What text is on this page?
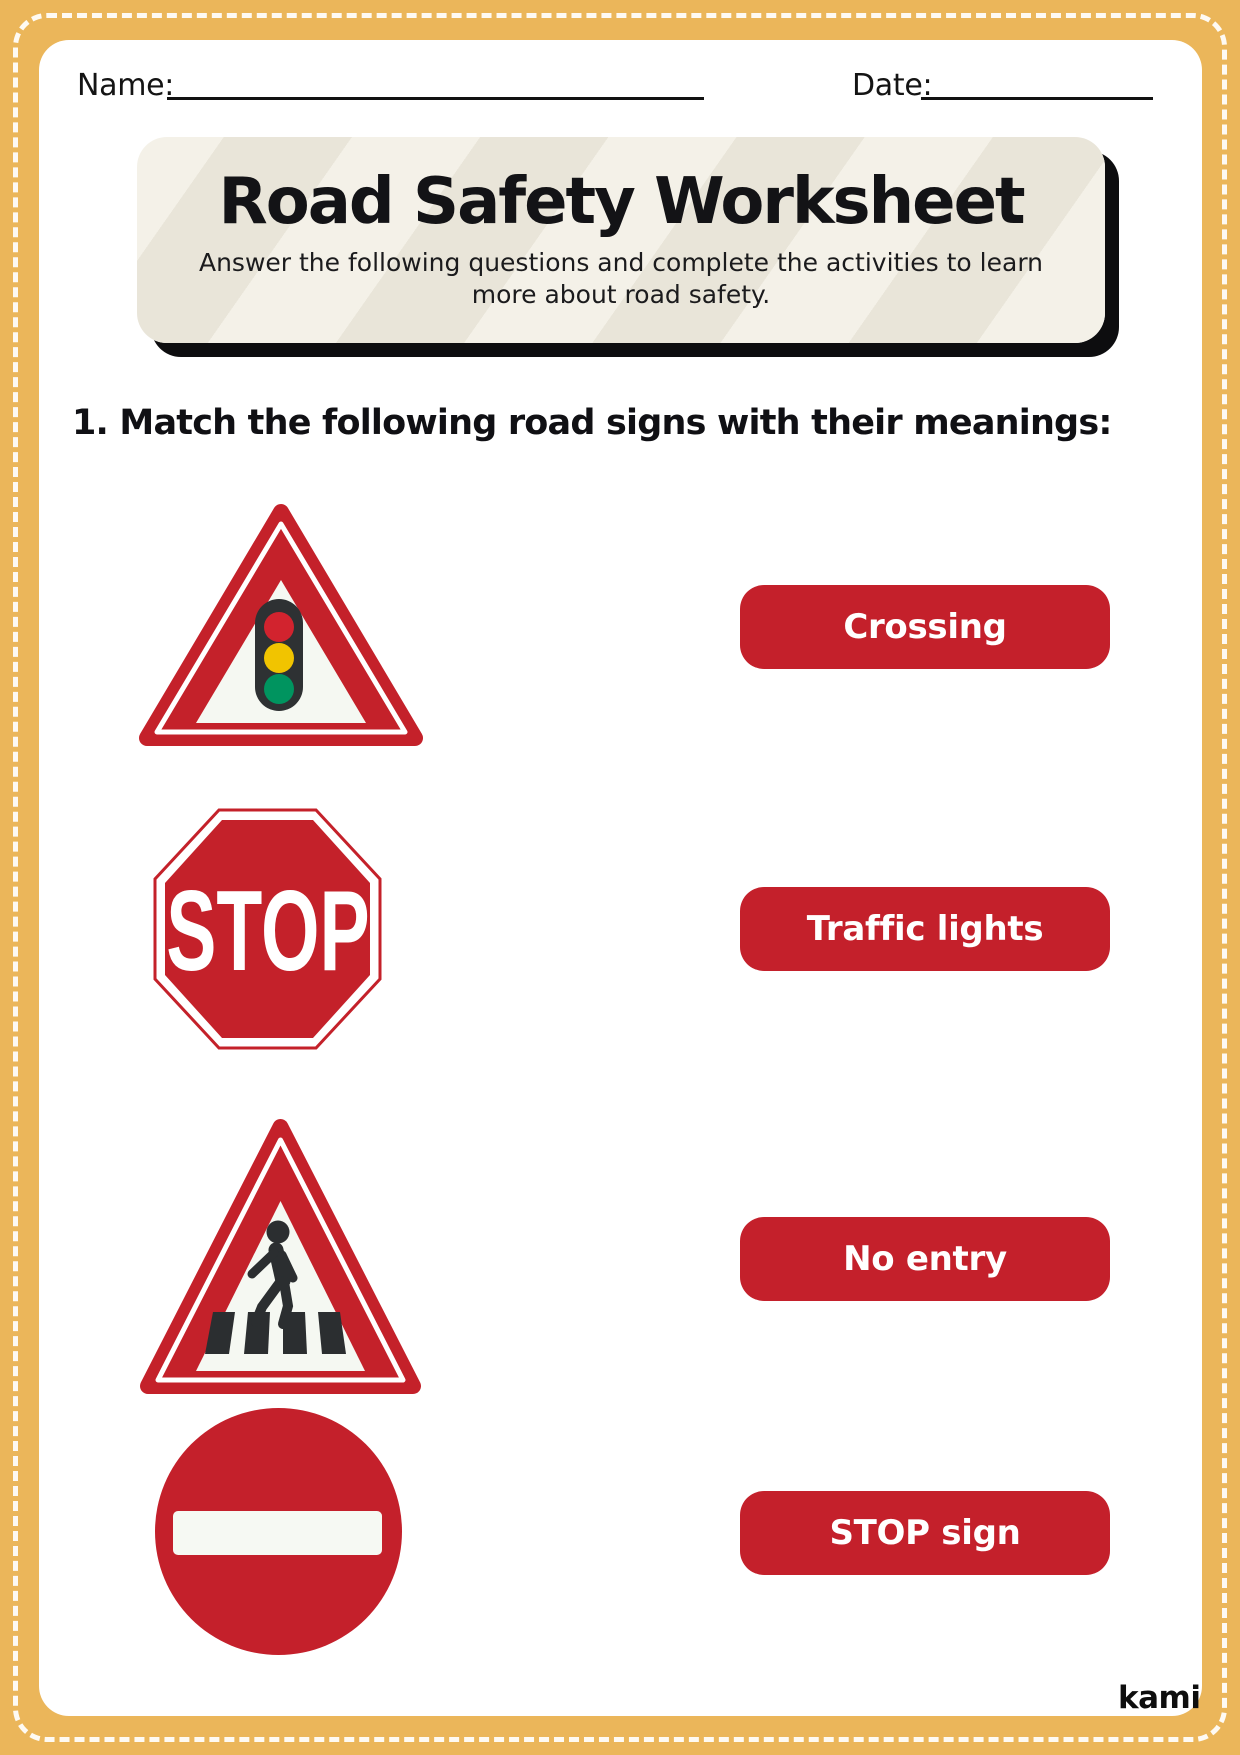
Name:	Date:
Road Safety Worksheet

Answer the following questions and complete the activities to learn more about road safety.

1. Match the following road signs with their meanings:
STOP
Crossing
Traffic lights
No entry
STOP sign
kami
